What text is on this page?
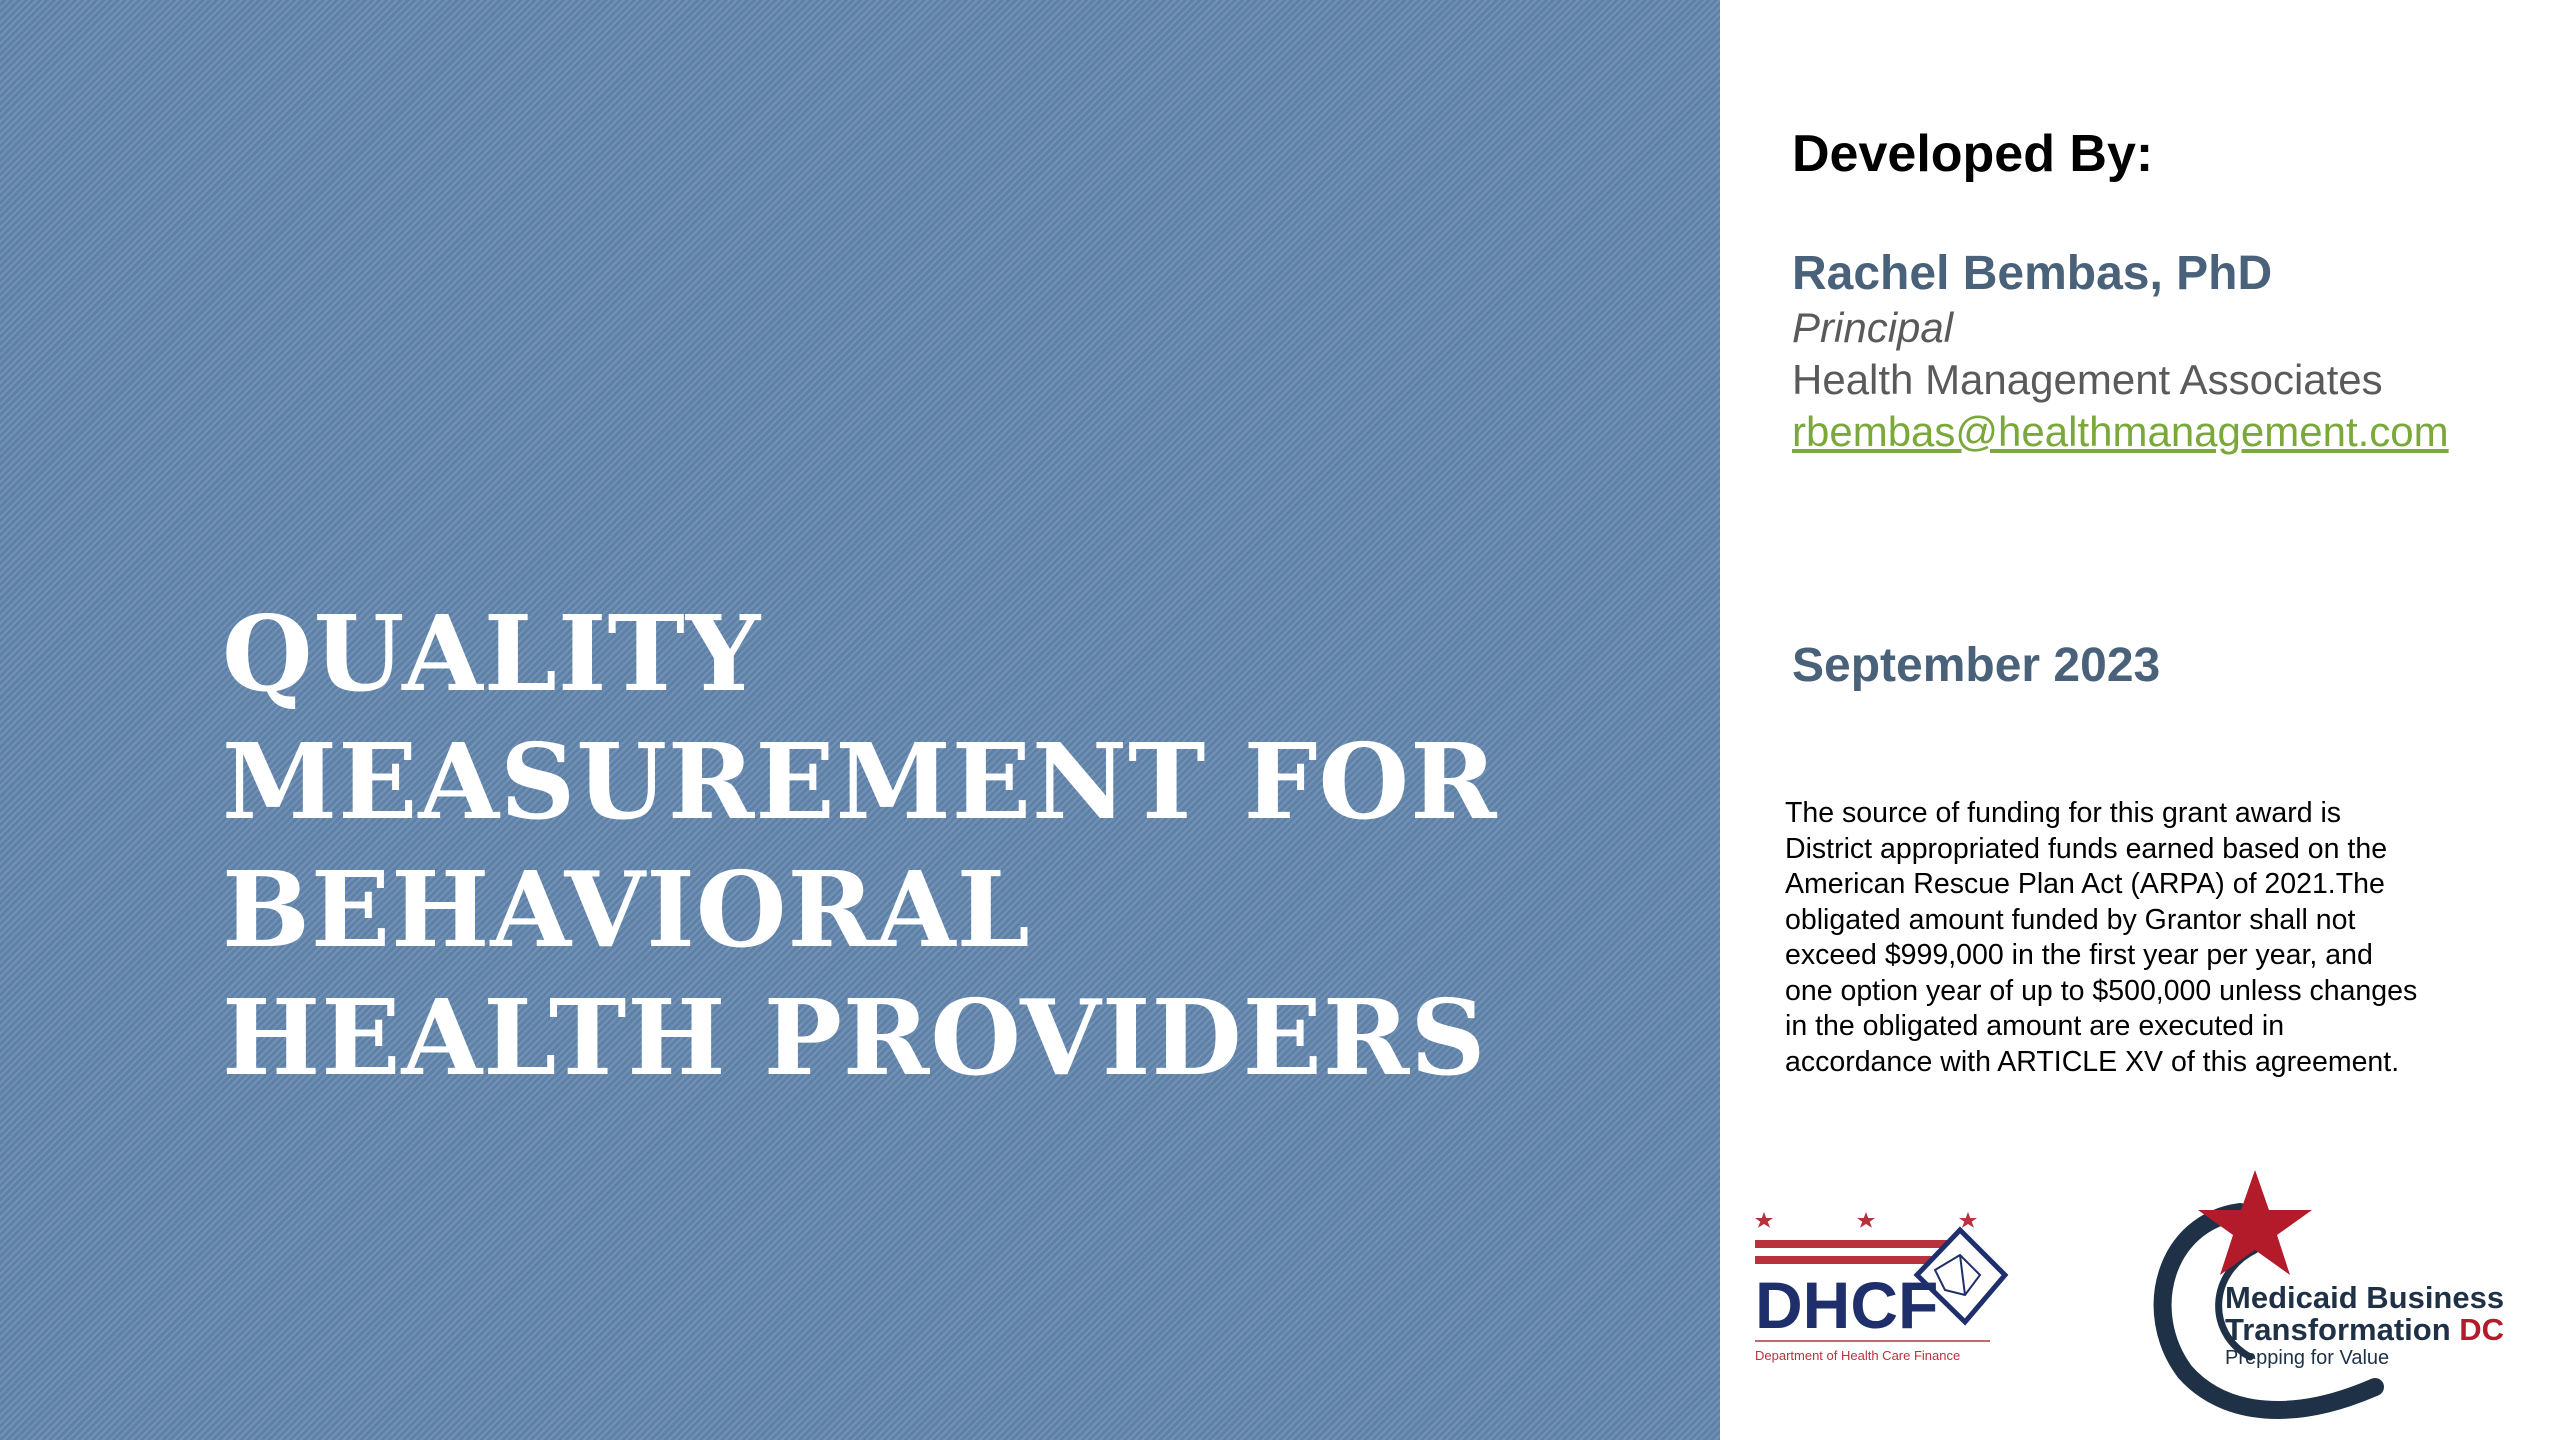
QUALITY
MEASUREMENT FOR
BEHAVIORAL
HEALTH PROVIDERS
Developed By:
Rachel Bembas, PhD
Principal
Health Management Associates
rbembas@healthmanagement.com
September 2023

The source of funding for this grant award is
District appropriated funds earned based on the
American Rescue Plan Act (ARPA) of 2021.The
obligated amount funded by Grantor shall not
exceed $999,000 in the first year per year, and
one option year of up to $500,000 unless changes
in the obligated amount are executed in
accordance with ARTICLE XV of this agreement.

DHCF
Department of Health Care Finance
Medicaid Business
Transformation DC
Prepping for Value
